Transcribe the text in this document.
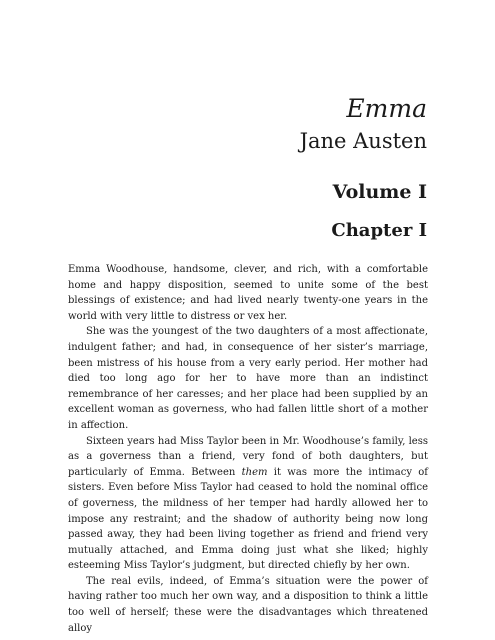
Emma
Jane Austen
Volume I
Chapter I

Emma Woodhouse, handsome, clever, and rich, with a comfortable home and happy disposition, seemed to unite some of the best blessings of existence; and had lived nearly twenty-one years in the world with very little to distress or vex her.

She was the youngest of the two daughters of a most affectionate, indulgent father; and had, in consequence of her sister’s marriage, been mistress of his house from a very early period. Her mother had died too long ago for her to have more than an indistinct remembrance of her caresses; and her place had been supplied by an excellent woman as governess, who had fallen little short of a mother in affection.

Sixteen years had Miss Taylor been in Mr. Woodhouse’s family, less as a governess than a friend, very fond of both daughters, but particularly of Emma. Between them it was more the intimacy of sisters. Even before Miss Taylor had ceased to hold the nominal office of governess, the mildness of her temper had hardly allowed her to impose any restraint; and the shadow of authority being now long passed away, they had been living together as friend and friend very mutually attached, and Emma doing just what she liked; highly esteeming Miss Taylor’s judgment, but directed chiefly by her own.

The real evils, indeed, of Emma’s situation were the power of having rather too much her own way, and a disposition to think a little too well of herself; these were the disadvantages which threatened alloy
